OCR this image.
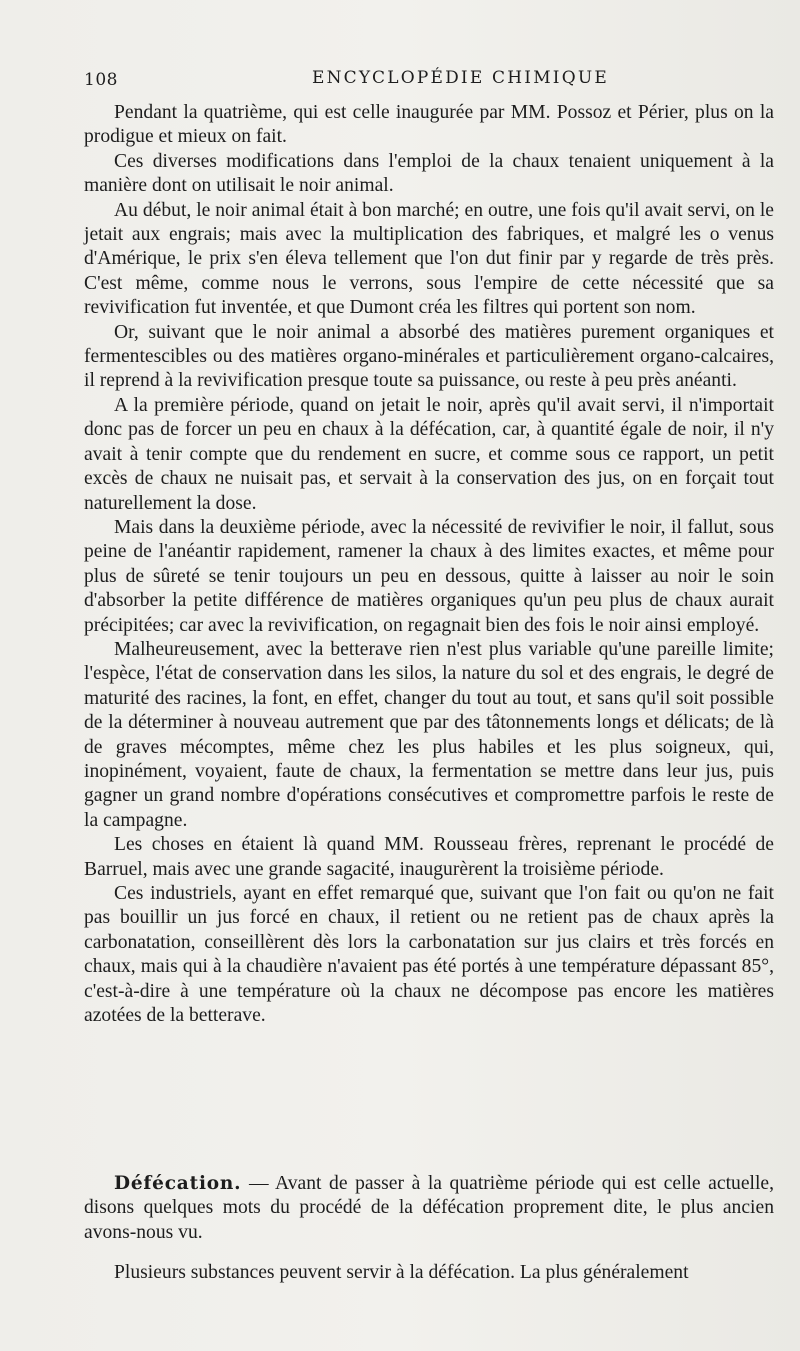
108	ENCYCLOPÉDIE CHIMIQUE

Pendant la quatrième, qui est celle inaugurée par MM. Possoz et Périer, plus on la prodigue et mieux on fait.

Ces diverses modifications dans l'emploi de la chaux tenaient uniquement à la manière dont on utilisait le noir animal.

Au début, le noir animal était à bon marché; en outre, une fois qu'il avait servi, on le jetait aux engrais; mais avec la multiplication des fabriques, et malgré les o venus d'Amérique, le prix s'en éleva tellement que l'on dut finir par y regarde de très près. C'est même, comme nous le verrons, sous l'empire de cette nécessité que sa revivification fut inventée, et que Dumont créa les filtres qui portent son nom.

Or, suivant que le noir animal a absorbé des matières purement organiques et fermentescibles ou des matières organo-minérales et particulièrement organo-calcaires, il reprend à la revivification presque toute sa puissance, ou reste à peu près anéanti.

A la première période, quand on jetait le noir, après qu'il avait servi, il n'importait donc pas de forcer un peu en chaux à la défécation, car, à quantité égale de noir, il n'y avait à tenir compte que du rendement en sucre, et comme sous ce rapport, un petit excès de chaux ne nuisait pas, et servait à la conservation des jus, on en forçait tout naturellement la dose.

Mais dans la deuxième période, avec la nécessité de revivifier le noir, il fallut, sous peine de l'anéantir rapidement, ramener la chaux à des limites exactes, et même pour plus de sûreté se tenir toujours un peu en dessous, quitte à laisser au noir le soin d'absorber la petite différence de matières organiques qu'un peu plus de chaux aurait précipitées; car avec la revivification, on regagnait bien des fois le noir ainsi employé.

Malheureusement, avec la betterave rien n'est plus variable qu'une pareille limite; l'espèce, l'état de conservation dans les silos, la nature du sol et des engrais, le degré de maturité des racines, la font, en effet, changer du tout au tout, et sans qu'il soit possible de la déterminer à nouveau autrement que par des tâtonnements longs et délicats; de là de graves mécomptes, même chez les plus habiles et les plus soigneux, qui, inopinément, voyaient, faute de chaux, la fermentation se mettre dans leur jus, puis gagner un grand nombre d'opérations consécutives et compromettre parfois le reste de la campagne.

Les choses en étaient là quand MM. Rousseau frères, reprenant le procédé de Barruel, mais avec une grande sagacité, inaugurèrent la troisième période.

Ces industriels, ayant en effet remarqué que, suivant que l'on fait ou qu'on ne fait pas bouillir un jus forcé en chaux, il retient ou ne retient pas de chaux après la carbonatation, conseillèrent dès lors la carbonatation sur jus clairs et très forcés en chaux, mais qui à la chaudière n'avaient pas été portés à une température dépassant 85°, c'est-à-dire à une température où la chaux ne décompose pas encore les matières azotées de la betterave.

Défécation. — Avant de passer à la quatrième période qui est celle actuelle, disons quelques mots du procédé de la défécation proprement dite, le plus ancien avons-nous vu.

Plusieurs substances peuvent servir à la défécation. La plus généralement
